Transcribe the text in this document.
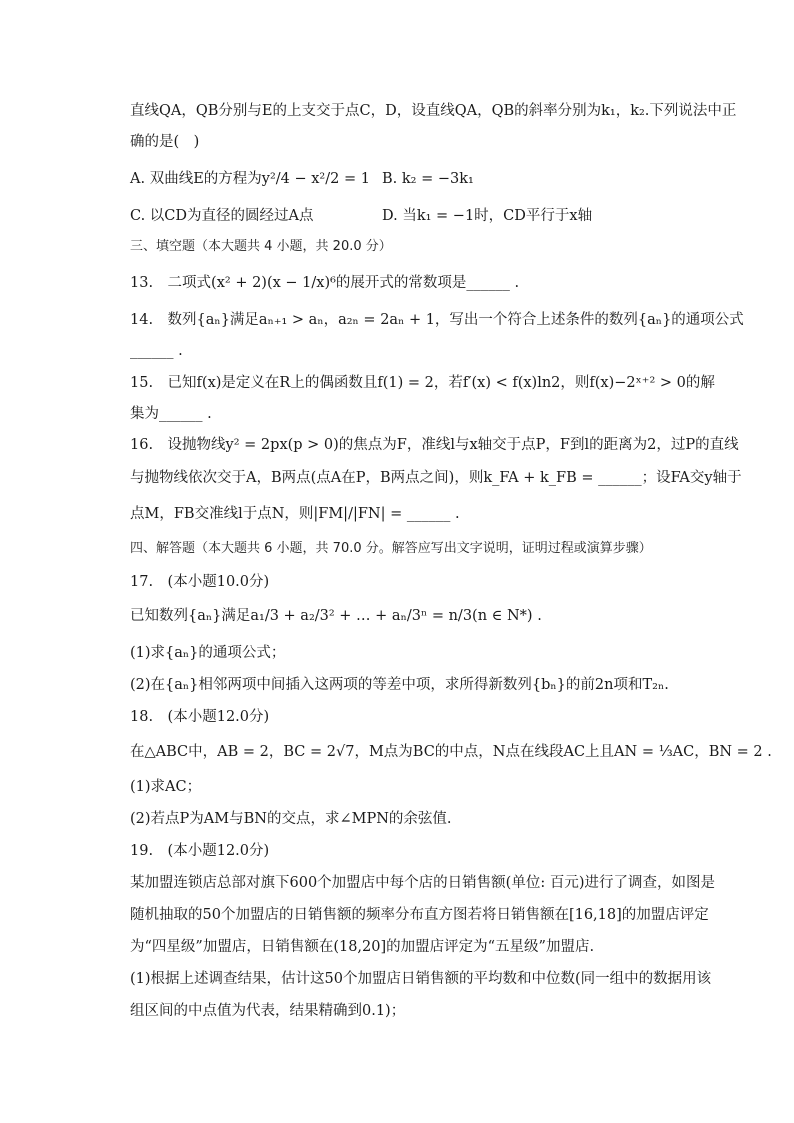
直线QA，QB分别与E的上支交于点C，D，设直线QA，QB的斜率分别为k₁，k₂.下列说法中正
确的是(　)
A. 双曲线E的方程为y²/4 − x²/2 = 1 B. k₂ = −3k₁
C. 以CD为直径的圆经过A点	D. 当k₁ = −1时，CD平行于x轴
三、填空题（本大题共 4 小题，共 20.0 分）
13.　二项式(x² + 2)(x − 1/x)⁶的展开式的常数项是______ .
14.　数列{aₙ}满足aₙ₊₁ > aₙ，a₂ₙ = 2aₙ + 1，写出一个符合上述条件的数列{aₙ}的通项公式
______ .
15.　已知f(x)是定义在R上的偶函数且f(1) = 2，若f′(x) < f(x)ln2，则f(x)−2ˣ⁺² > 0的解
集为______ .
16.　设抛物线y² = 2px(p > 0)的焦点为F，准线l与x轴交于点P，F到l的距离为2，过P的直线
与抛物线依次交于A，B两点(点A在P，B两点之间)，则k_FA + k_FB = ______；设FA交y轴于
点M，FB交准线l于点N，则|FM|/|FN| = ______ .
四、解答题（本大题共 6 小题，共 70.0 分。解答应写出文字说明，证明过程或演算步骤）
17.　(本小题10.0分)
已知数列{aₙ}满足a₁/3 + a₂/3² + … + aₙ/3ⁿ = n/3(n ∈ N*) .
(1)求{aₙ}的通项公式；
(2)在{aₙ}相邻两项中间插入这两项的等差中项，求所得新数列{bₙ}的前2n项和T₂ₙ.
18.　(本小题12.0分)
在△ABC中，AB = 2，BC = 2√7，M点为BC的中点，N点在线段AC上且AN = ⅓AC，BN = 2 .
(1)求AC；
(2)若点P为AM与BN的交点，求∠MPN的余弦值.
19.　(本小题12.0分)
某加盟连锁店总部对旗下600个加盟店中每个店的日销售额(单位: 百元)进行了调查，如图是
随机抽取的50个加盟店的日销售额的频率分布直方图若将日销售额在[16,18]的加盟店评定
为“四星级”加盟店，日销售额在(18,20]的加盟店评定为“五星级”加盟店.
(1)根据上述调查结果，估计这50个加盟店日销售额的平均数和中位数(同一组中的数据用该
组区间的中点值为代表，结果精确到0.1)；
